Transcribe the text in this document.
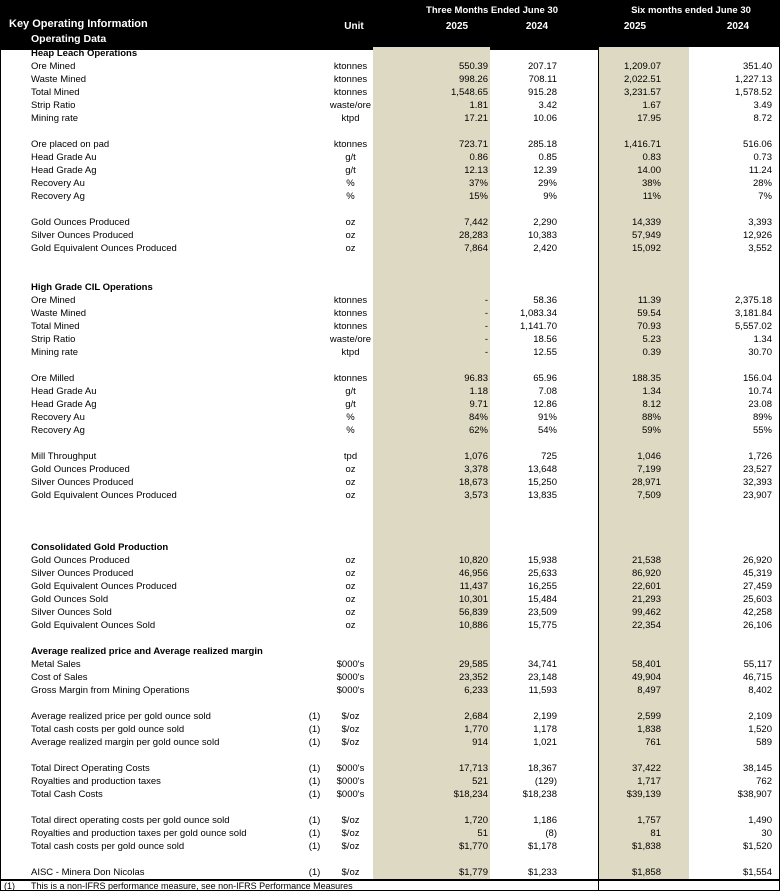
Key Operating Information
Operating Data
Unit
Three Months Ended June 30	Six months ended June 30
2025	2024	2025	2024
Heap Leach Operations
Ore Mined	ktonnes	550.39	207.17	1,209.07	351.40
Waste Mined	ktonnes	998.26	708.11	2,022.51	1,227.13
Total Mined	ktonnes	1,548.65	915.28	3,231.57	1,578.52
Strip Ratio	waste/ore	1.81	3.42	1.67	3.49
Mining rate	ktpd	17.21	10.06	17.95	8.72
Ore placed on pad	ktonnes	723.71	285.18	1,416.71	516.06
Head Grade Au	g/t	0.86	0.85	0.83	0.73
Head Grade Ag	g/t	12.13	12.39	14.00	11.24
Recovery Au	%	37%	29%	38%	28%
Recovery Ag	%	15%	9%	11%	7%
Gold Ounces Produced	oz	7,442	2,290	14,339	3,393
Silver Ounces Produced	oz	28,283	10,383	57,949	12,926
Gold Equivalent Ounces Produced	oz	7,864	2,420	15,092	3,552
High Grade CIL Operations
Ore Mined	ktonnes	-	58.36	11.39	2,375.18
Waste Mined	ktonnes	-	1,083.34	59.54	3,181.84
Total Mined	ktonnes	-	1,141.70	70.93	5,557.02
Strip Ratio	waste/ore	-	18.56	5.23	1.34
Mining rate	ktpd	-	12.55	0.39	30.70
Ore Milled	ktonnes	96.83	65.96	188.35	156.04
Head Grade Au	g/t	1.18	7.08	1.34	10.74
Head Grade Ag	g/t	9.71	12.86	8.12	23.08
Recovery Au	%	84%	91%	88%	89%
Recovery Ag	%	62%	54%	59%	55%
Mill Throughput	tpd	1,076	725	1,046	1,726
Gold Ounces Produced	oz	3,378	13,648	7,199	23,527
Silver Ounces Produced	oz	18,673	15,250	28,971	32,393
Gold Equivalent Ounces Produced	oz	3,573	13,835	7,509	23,907
Consolidated Gold Production
Gold Ounces Produced	oz	10,820	15,938	21,538	26,920
Silver Ounces Produced	oz	46,956	25,633	86,920	45,319
Gold Equivalent Ounces Produced	oz	11,437	16,255	22,601	27,459
Gold Ounces Sold	oz	10,301	15,484	21,293	25,603
Silver Ounces Sold	oz	56,839	23,509	99,462	42,258
Gold Equivalent Ounces Sold	oz	10,886	15,775	22,354	26,106
Average realized price and Average realized margin
Metal Sales	$000's	29,585	34,741	58,401	55,117
Cost of Sales	$000's	23,352	23,148	49,904	46,715
Gross Margin from Mining Operations	$000's	6,233	11,593	8,497	8,402
Average realized price per gold ounce sold	(1)	$/oz	2,684	2,199	2,599	2,109
Total cash costs per gold ounce sold	(1)	$/oz	1,770	1,178	1,838	1,520
Average realized margin per gold ounce sold	(1)	$/oz	914	1,021	761	589
Total Direct Operating Costs	(1)	$000's	17,713	18,367	37,422	38,145
Royalties and production taxes	(1)	$000's	521	(129)	1,717	762
Total Cash Costs	(1)	$000's	$18,234	$18,238	$39,139	$38,907
Total direct operating costs per gold ounce sold	(1)	$/oz	1,720	1,186	1,757	1,490
Royalties and production taxes per gold ounce sold	(1)	$/oz	51	(8)	81	30
Total cash costs per gold ounce sold	(1)	$/oz	$1,770	$1,178	$1,838	$1,520
AISC - Minera Don Nicolas	(1)	$/oz	$1,779	$1,233	$1,858	$1,554
(1) This is a non-IFRS performance measure, see non-IFRS Performance Measures
